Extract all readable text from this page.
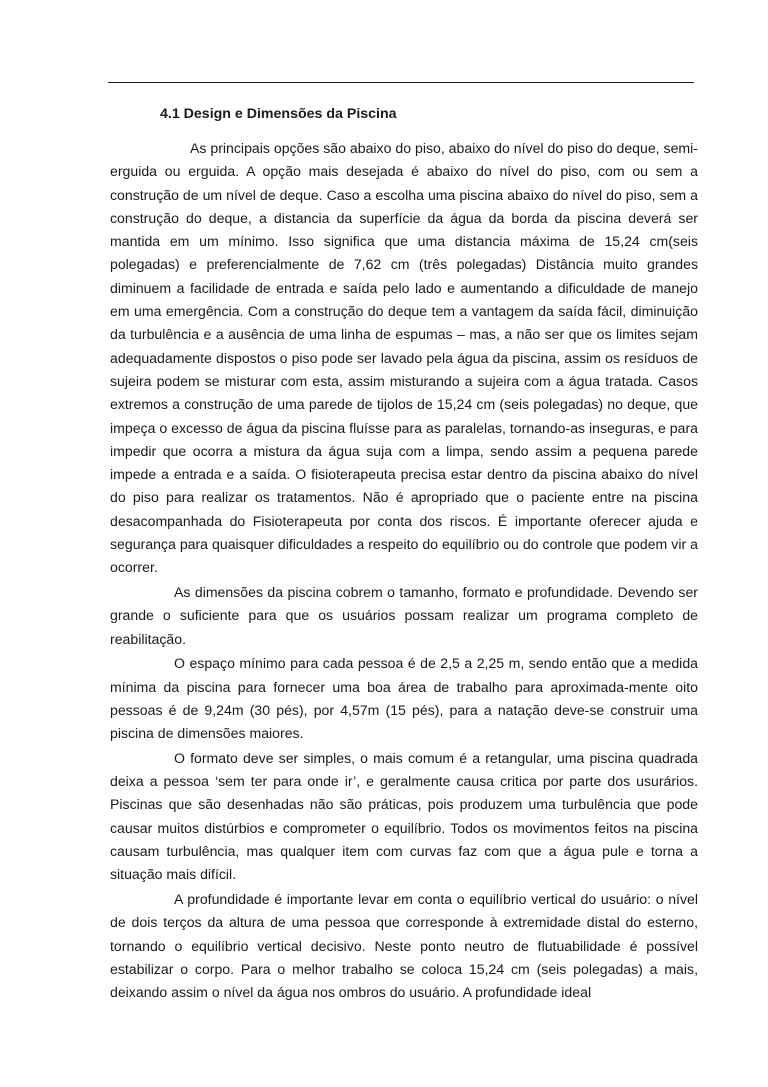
4.1 Design e Dimensões da Piscina

As principais opções são abaixo do piso, abaixo do nível do piso do deque, semi-erguida ou erguida. A opção mais desejada é abaixo do nível do piso, com ou sem a construção de um nível de deque. Caso a escolha uma piscina abaixo do nível do piso, sem a construção do deque, a distancia da superfície da água da borda da piscina deverá ser mantida em um mínimo. Isso significa que uma distancia máxima de 15,24 cm(seis polegadas) e preferencialmente de 7,62 cm (três polegadas) Distância muito grandes diminuem a facilidade de entrada e saída pelo lado e aumentando a dificuldade de manejo em uma emergência. Com a construção do deque tem a vantagem da saída fácil, diminuição da turbulência e a ausência de uma linha de espumas – mas, a não ser que os limites sejam adequadamente dispostos o piso pode ser lavado pela água da piscina, assim os resíduos de sujeira podem se misturar com esta, assim misturando a sujeira com a água tratada. Casos extremos a construção de uma parede de tijolos de 15,24 cm (seis polegadas) no deque, que impeça o excesso de água da piscina fluísse para as paralelas, tornando-as inseguras, e para impedir que ocorra a mistura da água suja com a limpa, sendo assim a pequena parede impede a entrada e a saída. O fisioterapeuta precisa estar dentro da piscina abaixo do nível do piso para realizar os tratamentos. Não é apropriado que o paciente entre na piscina desacompanhada do Fisioterapeuta por conta dos riscos. É importante oferecer ajuda e segurança para quaisquer dificuldades a respeito do equilíbrio ou do controle que podem vir a ocorrer.

As dimensões da piscina cobrem o tamanho, formato e profundidade. Devendo ser grande o suficiente para que os usuários possam realizar um programa completo de reabilitação.

O espaço mínimo para cada pessoa é de 2,5 a 2,25 m, sendo então que a medida mínima da piscina para fornecer uma boa área de trabalho para aproximada-mente oito pessoas é de 9,24m (30 pés), por 4,57m (15 pés), para a natação deve-se construir uma piscina de dimensões maiores.

O formato deve ser simples, o mais comum é a retangular, uma piscina quadrada deixa a pessoa ‘sem ter para onde ir’, e geralmente causa critica por parte dos usurários. Piscinas que são desenhadas não são práticas, pois produzem uma turbulência que pode causar muitos distúrbios e comprometer o equilíbrio. Todos os movimentos feitos na piscina causam turbulência, mas qualquer item com curvas faz com que a água pule e torna a situação mais difícil.

A profundidade é importante levar em conta o equilíbrio vertical do usuário: o nível de dois terços da altura de uma pessoa que corresponde à extremidade distal do esterno, tornando o equilíbrio vertical decisivo. Neste ponto neutro de flutuabilidade é possível estabilizar o corpo. Para o melhor trabalho se coloca 15,24 cm (seis polegadas) a mais, deixando assim o nível da água nos ombros do usuário. A profundidade ideal
